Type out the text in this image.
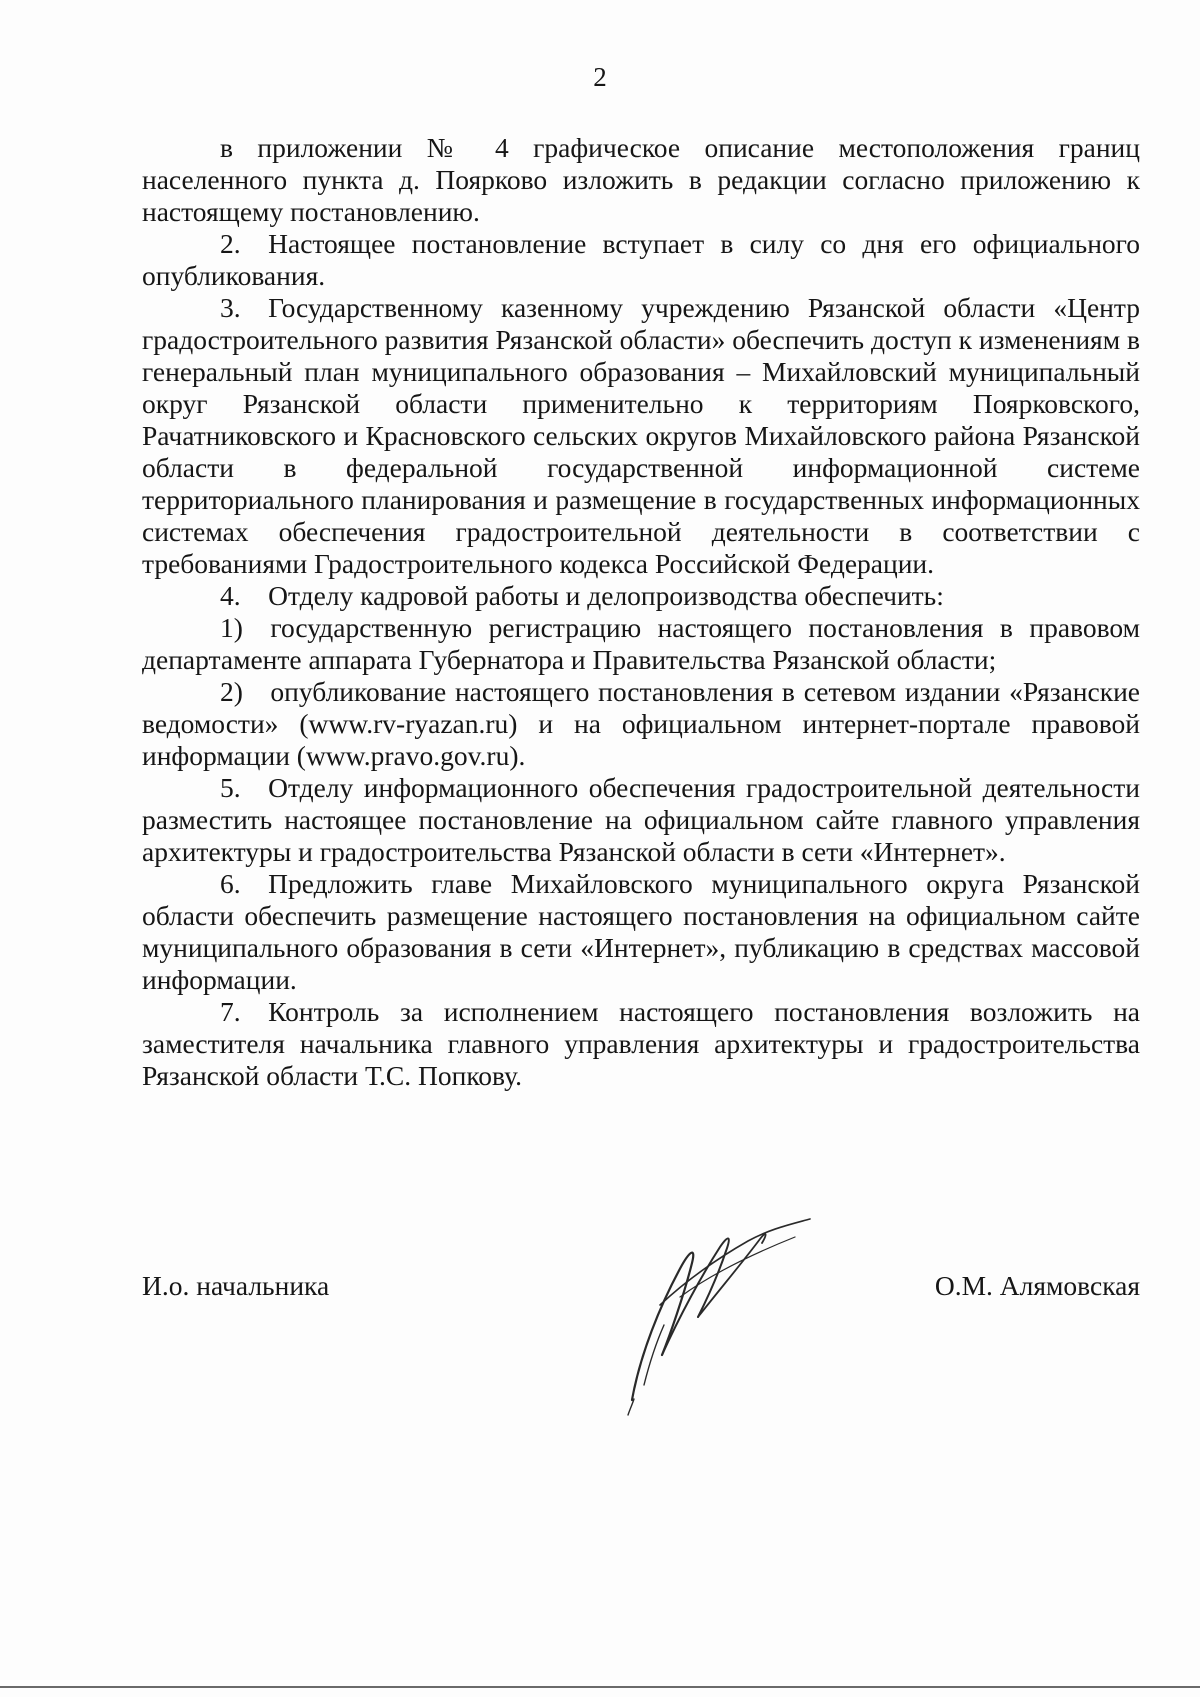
2

в приложении № 4 графическое описание местоположения границ населенного пункта д. Поярково изложить в редакции согласно приложению к настоящему постановлению.

2. Настоящее постановление вступает в силу со дня его официального опубликования.

3. Государственному казенному учреждению Рязанской области «Центр градостроительного развития Рязанской области» обеспечить доступ к изменениям в генеральный план муниципального образования – Михайловский муниципальный округ Рязанской области применительно к территориям Поярковского, Рачатниковского и Красновского сельских округов Михайловского района Рязанской области в федеральной государственной информационной системе территориального планирования и размещение в государственных информационных системах обеспечения градостроительной деятельности в соответствии с требованиями Градостроительного кодекса Российской Федерации.

4. Отделу кадровой работы и делопроизводства обеспечить:

1) государственную регистрацию настоящего постановления в правовом департаменте аппарата Губернатора и Правительства Рязанской области;

2) опубликование настоящего постановления в сетевом издании «Рязанские ведомости» (www.rv-ryazan.ru) и на официальном интернет-портале правовой информации (www.pravo.gov.ru).

5. Отделу информационного обеспечения градостроительной деятельности разместить настоящее постановление на официальном сайте главного управления архитектуры и градостроительства Рязанской области в сети «Интернет».

6. Предложить главе Михайловского муниципального округа Рязанской области обеспечить размещение настоящего постановления на официальном сайте муниципального образования в сети «Интернет», публикацию в средствах массовой информации.

7. Контроль за исполнением настоящего постановления возложить на заместителя начальника главного управления архитектуры и градостроительства Рязанской области Т.С. Попкову.

И.о. начальника	О.М. Алямовская
